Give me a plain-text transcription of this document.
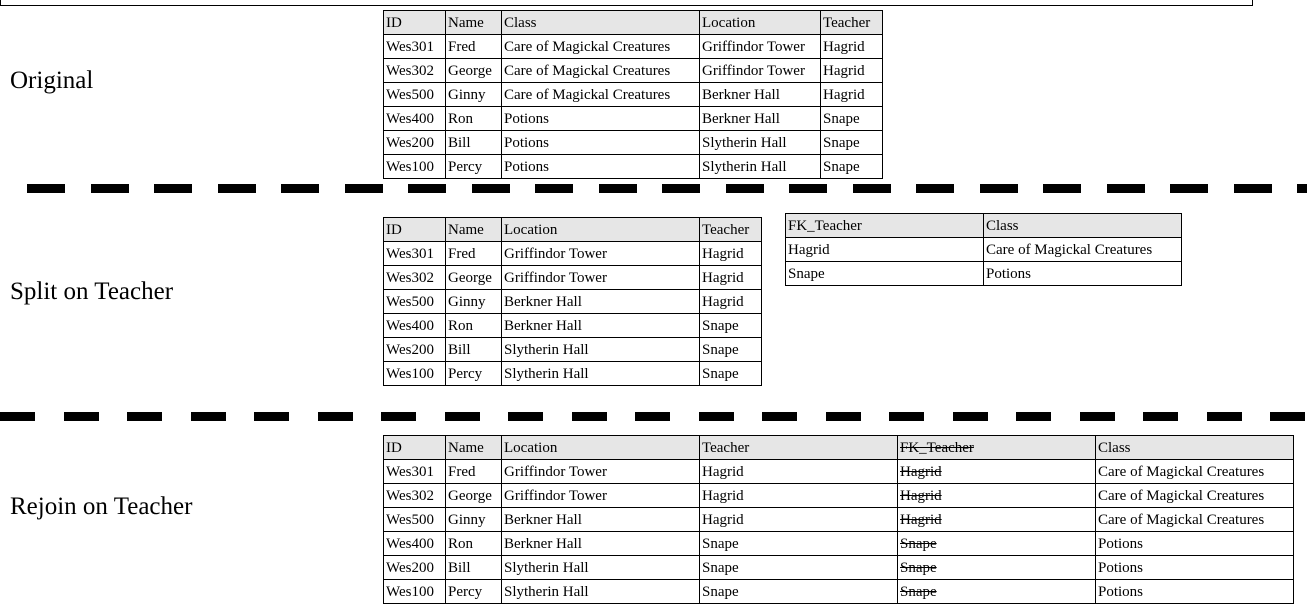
Original
Split on Teacher
Rejoin on Teacher
ID	Name	Class	Location	Teacher
Wes301	Fred	Care of Magickal Creatures	Griffindor Tower	Hagrid
Wes302	George	Care of Magickal Creatures	Griffindor Tower	Hagrid
Wes500	Ginny	Care of Magickal Creatures	Berkner Hall	Hagrid
Wes400	Ron	Potions	Berkner Hall	Snape
Wes200	Bill	Potions	Slytherin Hall	Snape
Wes100	Percy	Potions	Slytherin Hall	Snape
ID	Name	Location	Teacher
Wes301	Fred	Griffindor Tower	Hagrid
Wes302	George	Griffindor Tower	Hagrid
Wes500	Ginny	Berkner Hall	Hagrid
Wes400	Ron	Berkner Hall	Snape
Wes200	Bill	Slytherin Hall	Snape
Wes100	Percy	Slytherin Hall	Snape
FK_Teacher	Class
Hagrid	Care of Magickal Creatures
Snape	Potions
ID	Name	Location	Teacher	FK_Teacher	Class
Wes301	Fred	Griffindor Tower	Hagrid	Hagrid	Care of Magickal Creatures
Wes302	George	Griffindor Tower	Hagrid	Hagrid	Care of Magickal Creatures
Wes500	Ginny	Berkner Hall	Hagrid	Hagrid	Care of Magickal Creatures
Wes400	Ron	Berkner Hall	Snape	Snape	Potions
Wes200	Bill	Slytherin Hall	Snape	Snape	Potions
Wes100	Percy	Slytherin Hall	Snape	Snape	Potions
